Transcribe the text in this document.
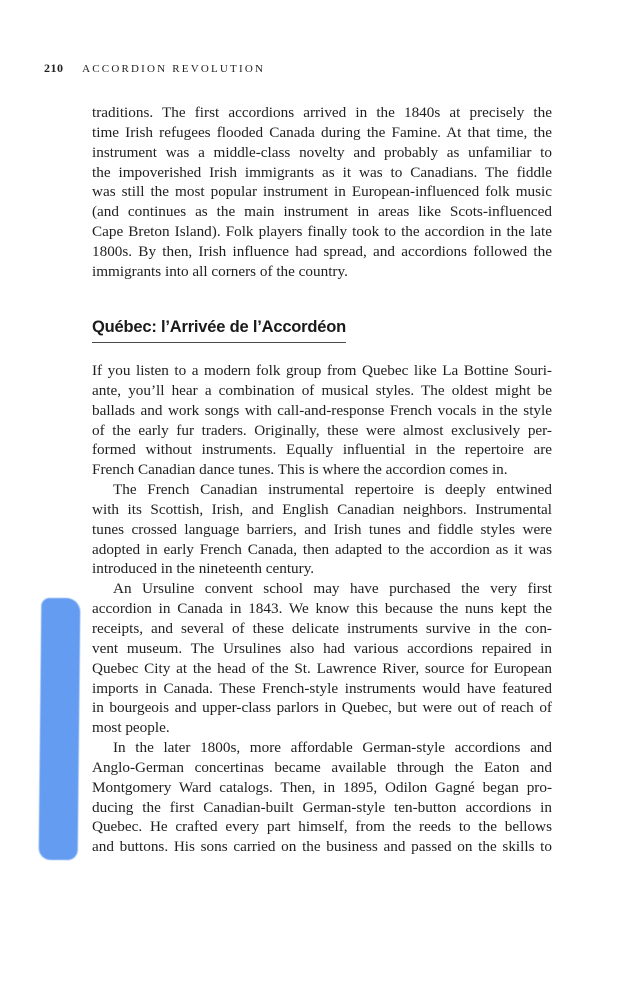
210 ACCORDION REVOLUTION
traditions. The first accordions arrived in the 1840s at precisely the
time Irish refugees flooded Canada during the Famine. At that time, the
instrument was a middle-class novelty and probably as unfamiliar to
the impoverished Irish immigrants as it was to Canadians. The fiddle
was still the most popular instrument in European-influenced folk music
(and continues as the main instrument in areas like Scots-influenced
Cape Breton Island). Folk players finally took to the accordion in the late
1800s. By then, Irish influence had spread, and accordions followed the
immigrants into all corners of the country.
Québec: l’Arrivée de l’Accordéon
If you listen to a modern folk group from Quebec like La Bottine Souri-
ante, you’ll hear a combination of musical styles. The oldest might be
ballads and work songs with call-and-response French vocals in the style
of the early fur traders. Originally, these were almost exclusively per-
formed without instruments. Equally influential in the repertoire are
French Canadian dance tunes. This is where the accordion comes in.
The French Canadian instrumental repertoire is deeply entwined
with its Scottish, Irish, and English Canadian neighbors. Instrumental
tunes crossed language barriers, and Irish tunes and fiddle styles were
adopted in early French Canada, then adapted to the accordion as it was
introduced in the nineteenth century.
An Ursuline convent school may have purchased the very first
accordion in Canada in 1843. We know this because the nuns kept the
receipts, and several of these delicate instruments survive in the con-
vent museum. The Ursulines also had various accordions repaired in
Quebec City at the head of the St. Lawrence River, source for European
imports in Canada. These French-style instruments would have featured
in bourgeois and upper-class parlors in Quebec, but were out of reach of
most people.
In the later 1800s, more affordable German-style accordions and
Anglo-German concertinas became available through the Eaton and
Montgomery Ward catalogs. Then, in 1895, Odilon Gagné began pro-
ducing the first Canadian-built German-style ten-button accordions in
Quebec. He crafted every part himself, from the reeds to the bellows
and buttons. His sons carried on the business and passed on the skills to
